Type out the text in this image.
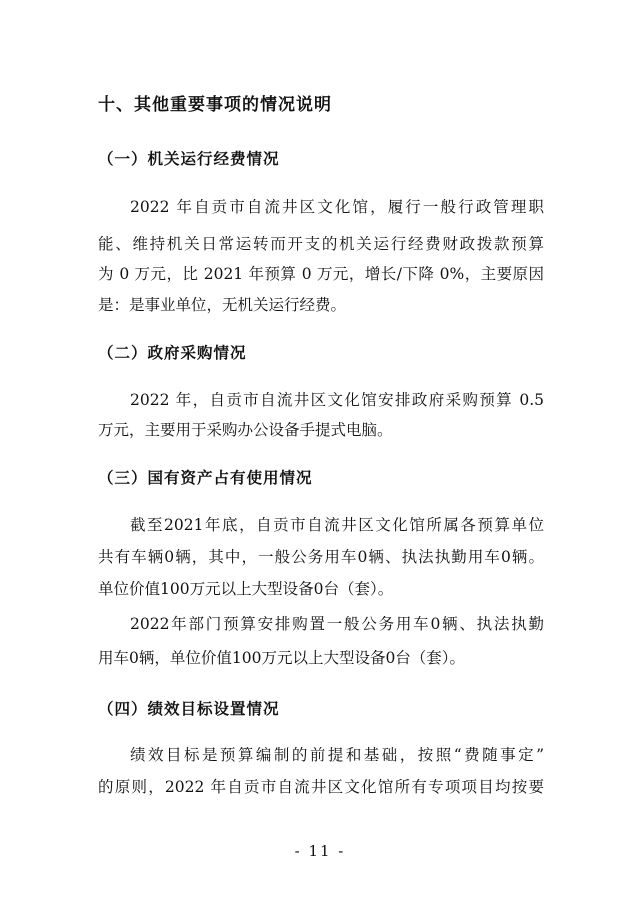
十、其他重要事项的情况说明
（一）机关运行经费情况
2022 年自贡市自流井区文化馆，履行一般行政管理职
能、维持机关日常运转而开支的机关运行经费财政拨款预算
为 0 万元，比 2021 年预算 0 万元，增长/下降 0%，主要原因
是：是事业单位，无机关运行经费。
（二）政府采购情况
2022 年，自贡市自流井区文化馆安排政府采购预算 0.5
万元，主要用于采购办公设备手提式电脑。
（三）国有资产占有使用情况
截至2021年底，自贡市自流井区文化馆所属各预算单位
共有车辆0辆，其中，一般公务用车0辆、执法执勤用车0辆。
单位价值100万元以上大型设备0台（套）。
2022年部门预算安排购置一般公务用车0辆、执法执勤
用车0辆，单位价值100万元以上大型设备0台（套）。
（四）绩效目标设置情况
绩效目标是预算编制的前提和基础，按照“费随事定”
的原则，2022 年自贡市自流井区文化馆所有专项项目均按要
- 11 -
